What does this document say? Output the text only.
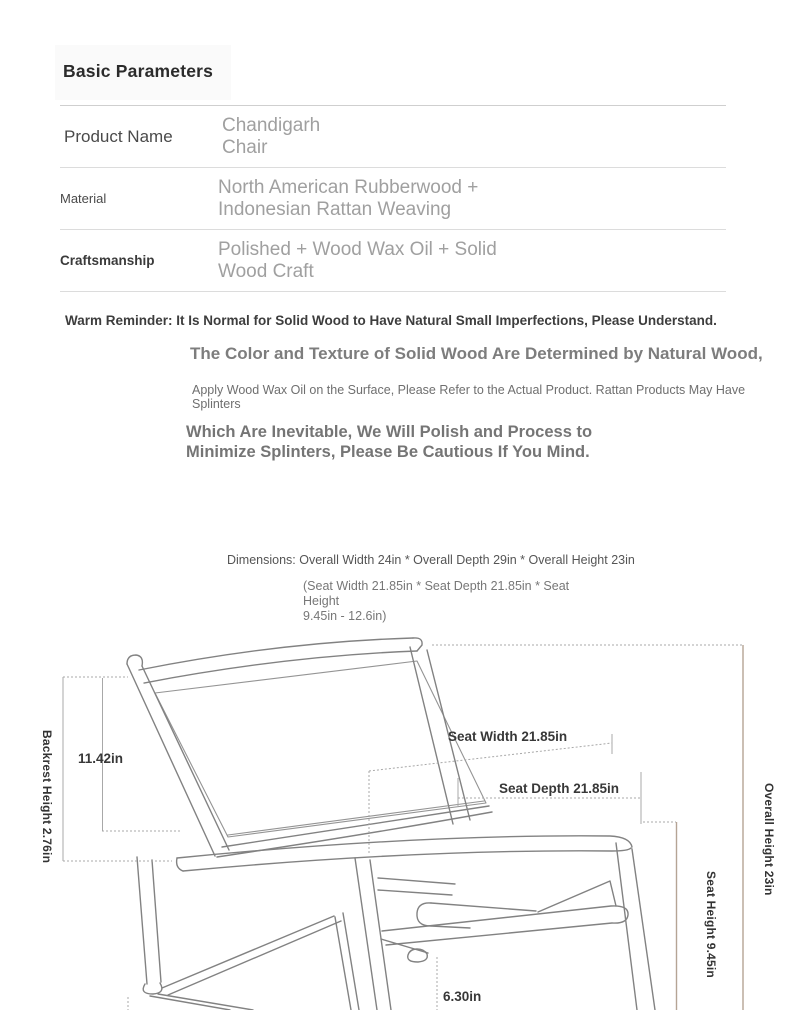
Basic Parameters
Product Name
Chandigarh
Chair
Material
North American Rubberwood +
Indonesian Rattan Weaving
Craftsmanship
Polished + Wood Wax Oil + Solid
Wood Craft
Warm Reminder: It Is Normal for Solid Wood to Have Natural Small Imperfections, Please Understand.
The Color and Texture of Solid Wood Are Determined by Natural Wood,
Apply Wood Wax Oil on the Surface, Please Refer to the Actual Product. Rattan Products May Have Splinters
Which Are Inevitable, We Will Polish and Process to
Minimize Splinters, Please Be Cautious If You Mind.
Dimensions: Overall Width 24in * Overall Depth 29in * Overall Height 23in
(Seat Width 21.85in * Seat Depth 21.85in * Seat Height
9.45in - 12.6in)
Backrest Height 2.76in 11.42in
Seat Width 21.85in
Seat Depth 21.85in
Seat Height 9.45in
Overall Height 23in
6.30in
